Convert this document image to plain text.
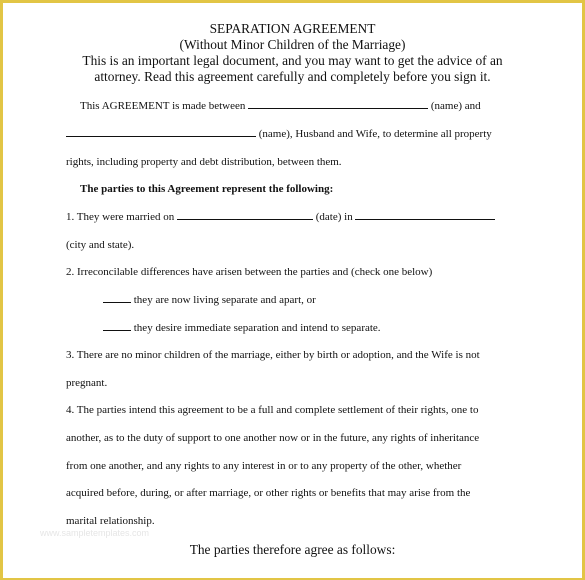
SEPARATION AGREEMENT
(Without Minor Children of the Marriage)
This is an important legal document, and you may want to get the advice of an
attorney. Read this agreement carefully and completely before you sign it.
This AGREEMENT is made between	(name) and
(name), Husband and Wife, to determine all property
rights, including property and debt distribution, between them.
The parties to this Agreement represent the following:
1. They were married on	(date) in
(city and state).
2. Irreconcilable differences have arisen between the parties and (check one below)
they are now living separate and apart, or
they desire immediate separation and intend to separate.
3. There are no minor children of the marriage, either by birth or adoption, and the Wife is not
pregnant.
4. The parties intend this agreement to be a full and complete settlement of their rights, one to
another, as to the duty of support to one another now or in the future, any rights of inheritance
from one another, and any rights to any interest in or to any property of the other, whether
acquired before, during, or after marriage, or other rights or benefits that may arise from the
marital relationship.
www.sampletemplates.com
The parties therefore agree as follows:
